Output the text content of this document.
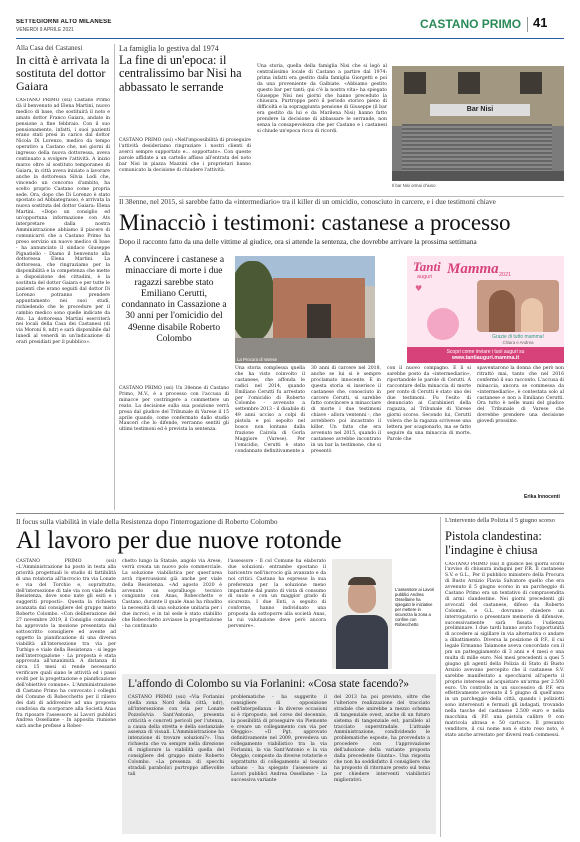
SETTEGIORNI ALTO MILANESE
VENERDÌ 9 APRILE 2021	CASTANO PRIMO 41
Alla Casa dei Castanesi
In città è arrivata la sostituta del dottor Gaiara
CASTANO PRIMO (ssi) Castano Primo dà il benvenuto ad Elena Martini, nuovo medico di base, che sostituirà il noto e amato dottor Franco Gaiara, andato in pensione a fine febbraio. Con il suo pensionamento, infatti, i suoi pazienti erano stati presi in carico dal dottor Nicola Di Lorenzo, medico da tempo operativo a Castano che, nei giorni di ingresso della nuova dottoressa, aveva continuato a svolgere l'attività. A inizio marzo oltre al sostituto temporaneo di Gaiara, in città aveva iniziato a lavorare anche la dottoressa Silvia Lodi che, vincendo un concorso d'ambito, ha scelto proprio Castano come propria sede. Ora, dopo che Di Lorenzo è stato spostato ad Abbiategrasso, è arrivata la nuova sostituta del dottor Gaiara: Elena Martini. «Dopo un consiglio ed un'opportuna informazione con Ats interpretare dalla nostra Amministrazione abbiamo il piacere di comunicarvi che a Castano Primo ha preso servizio un nuovo medico di base - ha annunciato il sindaco Giuseppe Pignatiello - Diamo il benvenuto alla dottoressa Elena Martini. La dottoressa, che ringraziamo per la disponibilità e la competenza che mette a disposizione dei cittadini, è la sostituta del dottor Gaiara e per tutte le pazienti che erano seguiti dal dottor Di Lorenzo potranno prendere appuntamento nei suoi studi, richiedendo che le procedure per il cambio medico sono quelle indicate da Ats. La dottoressa Martini eserciterà nei locali della Casa dei Castanesi (di via Moroni 8, ndr) e sarà disponibile dal lunedì al venerdì in un'indicazione di orari presidiati per il pubblico».
La famiglia lo gestiva dal 1974
La fine di un'epoca: il centralissimo bar Nisi ha abbassato le serrande
CASTANO PRIMO (ssi) «Nell'impossibilità di proseguire l'attività desideriamo ringraziare i nostri clienti di averci sempre supportato e... sopportato». Con queste parole affidate a un cartello affisso all'entrata del noto bar Nisi in piazza Mazzini che i proprietari hanno comunicato la decisione di chiudere l'attività.
Una storia, quella della famiglia Nisi che si legò al centralissimo locale di Castano a partire dal 1974: prima infatti era gestito dalla famiglia Giorgetti e poi da una proveniente da Galbiate. «Abbiamo gestito questo bar per tanti; qui c'è la nostra vita» ha spiegato Giuseppe Nisi nei giorni che hanno preceduto la chiusura. Purtroppo però il periodo storico pieno di difficoltà e la sopraggiunta pensione di Giuseppe (il bar era gestito da lui e da Marilena Nisi) hanno fatto prendere la decisione di abbassare le serrande, non senza la consapevolezza che per Castano e i castanesi si chiude un'epoca ricca di ricordi.
Bar Nisi
Il bar Nisi ormai chiuso
Il 38enne, nel 2015, si sarebbe fatto da «intermediario» tra il killer di un omicidio, conosciuto in carcere, e i due testimoni chiave
Minacciò i testimoni: castanese a processo
Dopo il racconto fatto da una delle vittime al giudice, ora si attende la sentenza, che dovrebbe arrivare la prossima settimana
A convincere i castanese a minacciare di morte i due ragazzi sarebbe stato Emiliano Cerutti, condannato in Cassazione a 30 anni per l'omicidio del 49enne disabile Roberto Colombo
La Procura di Varese
CASTANO PRIMO (ssi) Un 38enne di Castano Primo, M.V., è a processo con l'accusa di minacce per costringere a commettere un reato. La decisione sulla sua posizione verrà presa dal giudice del Tribunale di Varese il 15 aprile quando, come confermato dallo studio Mauceri che lo difende, verranno sentiti gli ultimi testimoni ed è prevista la sentenza.
Una storia complessa quella che ha visto coinvolto il castanese, che affonda le radici nel 2014, quando Emiliano Cerutti fu arrestato per l'omicidio di Roberto Colombo - avvenuto a settembre 2013 - il disabile di 49 anni ucciso a colpi di pistola e poi sepolto nel bosco non lontano dalla frazione Cairola di Gorla Maggiore (Varese). Per l'omicidio, Cerutti è stato condannato definitivamente a
30 anni di carcere nel 2018, anche se lui si è sempre proclamato innocente. E in questa storia si inserisce il castanese che, conosciuto in carcere Cerutti, si sarebbe fatto convincere a minacciare di morte i due testimoni chiave - allora ventenni -, che avrebbero poi incastrato il killer. Un fatto che era avvenuto nel 2015, quando il castanese avrebbe incontrato in un bar la testimone, che si presentò
con il nuovo compagno. E lì si sarebbe posto da «intermediario», riportandole le parole di Cerutti. A raccontare della minaccia di morte per conto di Cerutti è stato uno dei due testimoni. Fu l'esito di denunciato ai Carabinieri della ragazza, al Tribunale di Varese giorni scorso. Secondo lui, Cerutti voleva che la ragazza scrivesse una lettera per scagionarlo, ma se fatto seguire da una minaccia di morte. Parole che
spaventarono la donna che però non ritrattò mai, tanto che nel 2016 confermò il suo racconto. L'accusa di minaccia, ancora se commessa da «intermediario», è contestata solo al castanese e non a Emiliano Cerutti. Ora tutto è nelle mani del giudice del Tribunale di Varese che dovrebbe prendere una decisione giovedì prossimo.
Erika Innocenti
Tanti
auguri Mamma 2021
♥
Grazie di tutto mamma!
Chiara e Andrea
Scopri come inviare i tuoi auguri su
www.tantiauguri.mamma.it
Il focus sulla viabilità in viale della Resistenza dopo l'interrogazione di Roberto Colombo
Al lavoro per due nuove rotonde
CASTANO PRIMO (ssi) «L'Amministrazione ha posto in testa alla priorità progettuali lo studio di fattibilità di una rotatoria all'incrocio tra via Lonate e via del Torchio e, soprattutto, dell'intersezione di tale via con viale della Resistenza, dove sono nate gli esiti e i suggeriti proposti». Questa la richiesta avanzata dal consigliere del gruppo misto Roberto Colombo. «Con deliberazione del 27 novembre 2019, il Consiglio comunale ha approvato la mozione presentata dal sottoscritto consigliere ed avente ad oggetto la pianificazione di una diversa viabilità all'intersezione tra via per Turbigo e viale della Resistenza - si legge nell'interrogazione - La proposta è stata approvata all'unanimità. A distanza di circa 15 mesi si rende necessario verificare quali siano le attività ed i passi svolti per la progettazione e pianificazione dell'obiettivo comune». L'Amministrazione di Castano Primo ha convocato i colleghi del Comune di Robecchetto per il rilievo dei dati di addivenire ad una proposta condivisa da scorporare alla Società Anas fra riposare l'assessore ai Lavori pubblici Andrea Ossellame - In apposita riunione sarà anche prefisse a Robec-
chetto lungo la Statale, angolo via Arese, verrà creata un nuovo polo commerciale. La soluzione viabilistica per quest'area avrà ripercussioni già anche per viale della Resistenza. «Ad agosto 2020 è avvenuto un sopralluogo tecnico congiunto con Anas, Robecchetto e Castano, durante il quale Anas ha ribadito la necessità di una soluzione unitaria per i due incroci, e in tal sede è stato stabilito che Robecchetto avviasse la progettazione - ha continuato
l'assessore - Il col Comune ha elaborato due soluzioni: entrambe spostano il baricentro nell'incrocio già avanzato e da noi critici. Castano ha espresso la sua preferenza per la soluzione meno impattante dal punto di vista di consumo di suolo e con un maggior grado di sicurezza. I due Enti, a seguito di conforme, hanno individuato una proposta da sottoporre alla società Anas, la cui valutazione deve però ancora pervenire».
L'assessore ai Lavori pubblici Andrea Ossellame ha spiegato le iniziative per mettere in sicurezza la zona a confine con Robecchetto
L'affondo di Colombo su via Forlanini: «Cosa state facendo?»
CASTANO PRIMO (ssi) «Via Forlanini (nella zona Nord della città, ndr), all'intersezione con via per Lonate Pozzolo/via Sant'Antonio, presenta criticità e concreti pericoli per l'utenza, a causa della stretta e della sostanziale assenza di visuali. L'Amministrazione ha intenzione di trovare soluzioni?». Una richiesta che va sempre nella direzione di migliorare la viabilità quella del consigliere del gruppo misto Roberto Colombo. «La presenza di specchi stradali parabolici purtroppo affievolite tali
problematiche - ha suggerito il consigliere di opposizione nell'interpellanza - In diverse occasioni si è riproposto, nel corso del decennio, la possibilità di proseguire via Piemonte e creare un collegamento con via per Oleggio». «Il Pgt, approvato definitivamente nel 2009, prevedeva un collegamento viabilistico tra la via Forlanini, la via Sant'Antonio e la via Oleggio, composto da diverse rotatorie e soprattutto di collegamento al tessuto urbano - ha spiegato l'assessore ai Lavori pubblici Andrea Ossellame - La successiva variante
del 2013 ha poi previsto, oltre che l'ulteriore realizzazione del tracciato stradale che unirebbe a mezzo schema di tangenziale ovest, anche di un futuro sistema di tangenziale est, parallelo al tracciato superstradale. L'attuale Amministrazione, condividendo le problematiche esposte, ha provveduto a procedere con l'approvazione dell'adozione della variante proposta dalla precedente Giunta». Una risposta che non ha soddisfatto il consigliere che ha proposto di ritornare presto sul tema per chiedere interventi viabilistici migliorativi.
L'intervento della Polizia il 5 giugno scorso
Pistola clandestina: l'indagine è chiusa
CASTANO PRIMO (ssi) Il giudice nei giorni scorsi l'avviso di chiusura indagini per P.R. Il castanese S.V. e G.L., Per il pubblico ministero della Procura di Busto Arsizio Flavia Salvatore quello che era avvenuto il 5 giugno scorso in un parcheggio di Castano Primo era un tentativo di compravendita di armi clandestine. Nei giorni precedenti gli avvocati del castanese, difeso da Roberto Colombo, e G.L. dovranno chiedere un interrogatorio o presentare memorie di difensive, successivamente sarà fissata l'udienza preliminare. I due tardi hanno avuto l'opportunità di accedere ai sigillare in via alternativa o andare a dibattimento. Diversa la posizione di P.F., il cui legale Ermanno Talamone aveva concordato con il pm un patteggiamento di 3 anni e 4 mesi e una multa di mille euro. Nei mesi precedenti a quei 5 giugno gli agenti della Polizia di Stato di Busto Arsizio avevano percepito che il castanese S.V. sarebbe manifestato a specchiarsi all'aperto il proprio interesse ad acquistare un'arma per 2.500 euro. Un controllo in un successivo di P.F. era effettivamente avvenuto il 5 giugno di quell'anno in un parcheggio della città, quando i poliziotti sono intervenuti e fermati gli indagati, trovando nella tasche del castanese 2.500 euro e nella macchina di P.F. una pistola calibro 9 con matricola abrasa e 50 cartucce. Il presunto venditore, il cui nome non è stato reso noto, è stato anche arrestato per diversi reati commessi.
